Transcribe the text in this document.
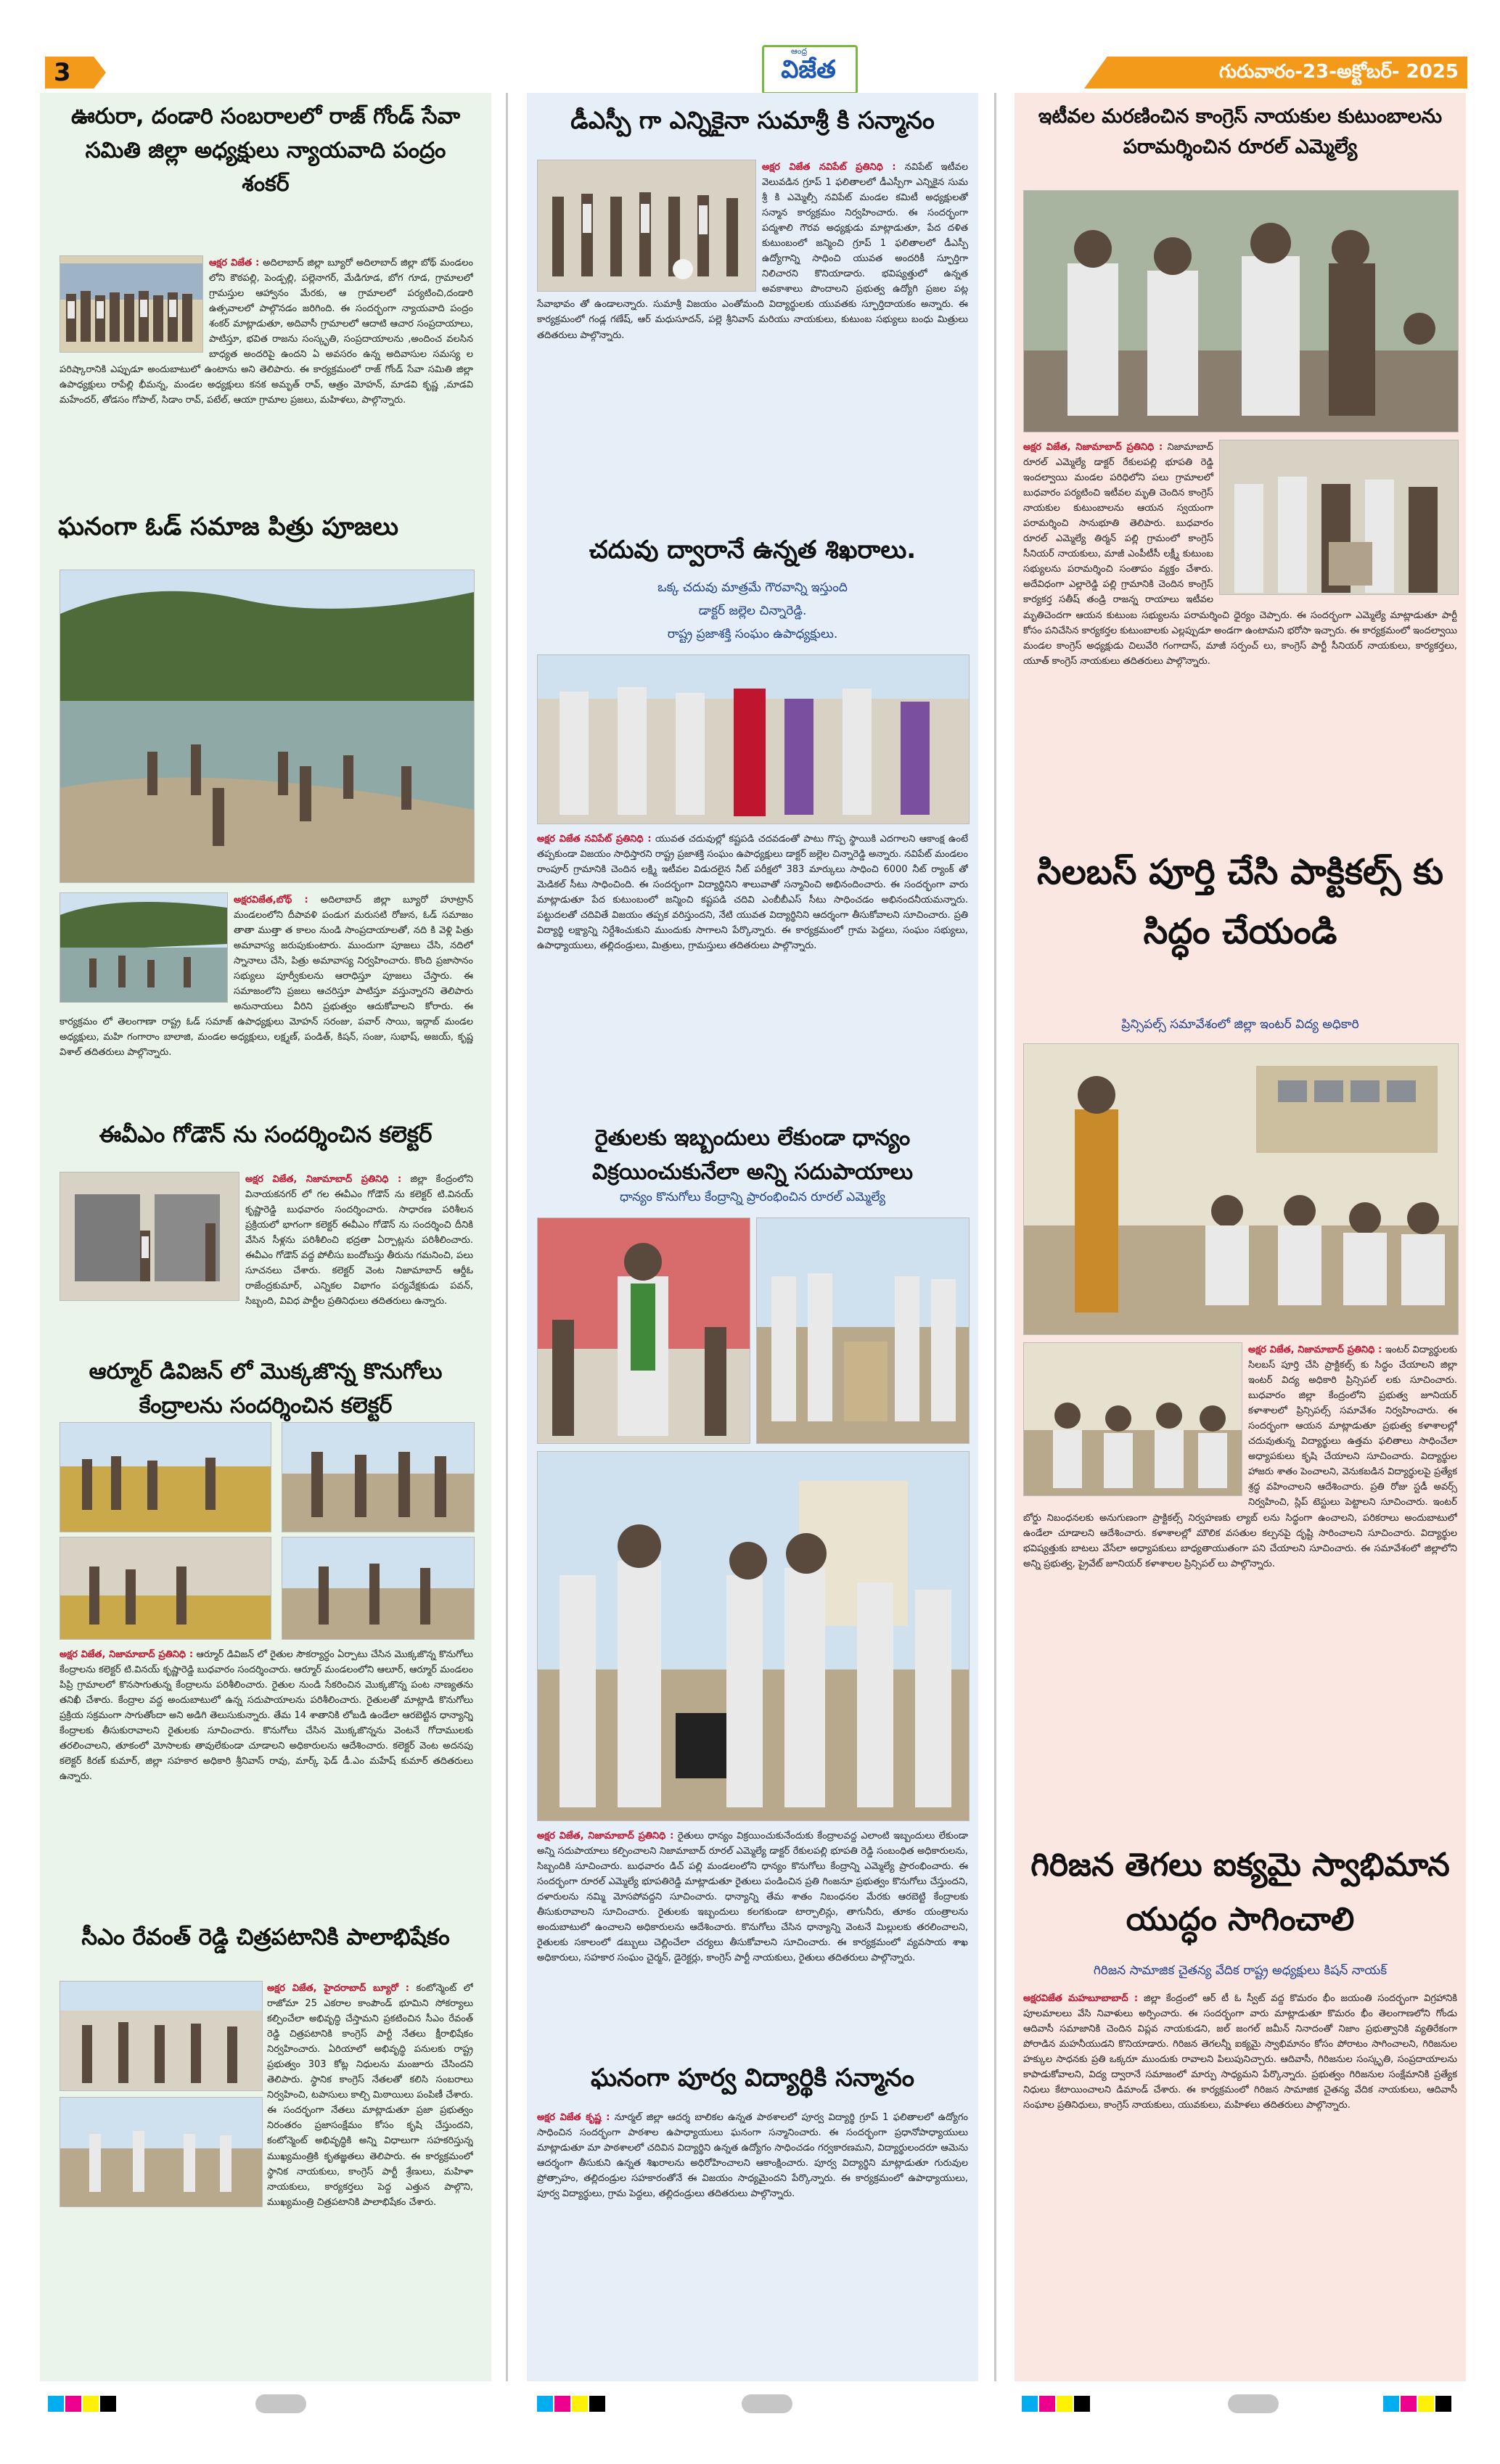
3
ఆంధ్ర
విజేత	గురువారం-23-అక్టోబర్- 2025
ఊరురా, దండారి సంబరాలలో రాజ్ గోండ్ సేవా సమితి జిల్లా అధ్యక్షులు న్యాయవాది పంద్రం శంకర్
ఆక్షర విజేత : అదిలాబాద్ జిల్లా బ్యూరో అదిలాబాద్ జిల్లా బోథ్ మండలం లోని కౌఠపల్లి, పెండ్పల్లి, పల్లెనాగర్, మేడిగూడ, బోగ గూడ, గ్రామాలలో గ్రామస్తుల ఆహ్వానం మేరకు, ఆ గ్రామాలలో పర్యటించి,దండారి ఉత్సవాలలో పాల్గొనడం జరిగింది. ఈ సందర్భంగా న్యాయవాది పంద్రం శంకర్ మాట్లాడుతూ, అదివాసీ గ్రామాలలో ఆదాటి ఆచార సంప్రదాయాలు, పాటిస్తూ, భవిత రాజను సంస్కృతి, సంప్రదాయాలను ,అందించ వలసిన బాధ్యత అందరిపై ఉందని ఏ అవసరం ఉన్న అదివాసుల సమస్య ల పరిష్కారానికి ఎప్పుడూ అందుబాటులో ఉంటాను అని తెలిపారు. ఈ కార్యక్రమంలో రాజ్ గోండ్ సేవా సమితి జిల్లా ఉపాధ్యక్షులు రాపేల్లి భీమన్న, మండల అధ్యక్షులు కనక అమృత్ రావ్, ఆత్రం మోహన్, మాడవి కృష్ణ ,మాడవి మహేందర్, తోడసం గోపాల్, సిడాం రావ్, పటేల్, ఆయా గ్రామాల ప్రజలు, మహిళలు, పాల్గొన్నారు.
ఘనంగా ఓడ్ సమాజ పిత్రు పూజలు
అక్షరవిజేత,బోథ్ : అదిలాబాద్ జిల్లా బ్యూరో హూట్రాన్ మండలంలోని దీపావళి పండుగ మరుసటి రోజున, ఓడ్ సమాజం తాతా ముత్తా త కాలం నుండి సాంప్రదాయాలతో, నది కి వెళ్లి పిత్రు అమావాస్య జరుపుకుంటారు. ముందుగా పూజలు చేసి, నదిలో స్నానాలు చేసి, పిత్రు అమావాస్య నిర్వహించారు. కొంది ప్రజాసానం సభ్యులు పూర్వీకులను ఆరాధిస్తూ పూజలు చేస్తారు. ఈ సమాజంలోని ప్రజలు ఆచరిస్తూ పాటిస్తూ వస్తున్నారని తెలిపారు అనునాయలు వీరిని ప్రభుత్వం ఆదుకోవాలని కోరారు. ఈ కార్యక్రమం లో తెలంగాణా రాష్ట్ర ఓడ్ సమాజ్ ఉపాధ్యక్షులు మోహన్ సరంజు, పవార్ సాయి, ఇద్గాబ్ మండల అధ్యక్షులు, మహి గంగారాం బాలాజి, మండల అధ్యక్షులు, లక్ష్మణ్, పండిత్, కిషన్, సంజు, సుభాష్, అజయ్, కృష్ణ విశాల్ తదితరులు పాల్గొన్నారు.
ఈవీఎం గోడౌన్ ను సందర్శించిన కలెక్టర్
అక్షర విజేత, నిజామాబాద్ ప్రతినిధి : జిల్లా కేంద్రంలోని వినాయకనగర్ లో గల ఈవీఎం గోడౌన్ ను కలెక్టర్ టి.వినయ్ కృష్ణారెడ్డి బుధవారం సందర్శించారు. సాధారణ పరిశీలన ప్రక్రియలో భాగంగా కలెక్టర్ ఈవీఎం గోడౌన్ ను సందర్శించి దీనికి వేసిన సీళ్లను పరిశీలించి భద్రతా ఏర్పాట్లను పరిశీలించారు. ఈవీఎం గోడౌన్ వద్ద పోలీసు బందోబస్తు తీరును గమనించి, పలు సూచనలు చేశారు. కలెక్టర్ వెంట నిజామాబాద్ ఆర్డీఓ రాజేంద్రకుమార్, ఎన్నికల విభాగం పర్యవేక్షకుడు పవన్, సిబ్బంది, వివిధ పార్టీల ప్రతినిధులు తదితరులు ఉన్నారు.
ఆర్మూర్ డివిజన్ లో మొక్కజొన్న కొనుగోలు కేంద్రాలను సందర్శించిన కలెక్టర్
అక్షర విజేత, నిజామాబాద్ ప్రతినిధి : ఆర్మూర్ డివిజన్ లో రైతుల సౌకర్యార్ధం ఏర్పాటు చేసిన మొక్కజొన్న కొనుగోలు కేంద్రాలను కలెక్టర్ టి.వినయ్ కృష్ణారెడ్డి బుధవారం సందర్శించారు. ఆర్మూర్ మండలంలోని ఆలూర్, ఆర్మూర్ మండలం పిప్రి గ్రామాలలో కొనసాగుతున్న కేంద్రాలను పరిశీలించారు. రైతుల నుండి సేకరించిన మొక్కజొన్న పంట నాణ్యతను తనిఖీ చేశారు. కేంద్రాల వద్ద అందుబాటులో ఉన్న సదుపాయాలను పరిశీలించారు. రైతులతో మాట్లాడి కొనుగోలు ప్రక్రియ సక్రమంగా సాగుతోందా అని అడిగి తెలుసుకున్నారు. తేమ 14 శాతానికి లోబడి ఉండేలా ఆరబెట్టిన ధాన్యాన్ని కేంద్రాలకు తీసుకురావాలని రైతులకు సూచించారు. కొనుగోలు చేసిన మొక్కజొన్నను వెంటనే గోదాములకు తరలించాలని, తూకంలో మోసాలకు తావులేకుండా చూడాలని అధికారులను ఆదేశించారు. కలెక్టర్ వెంట అదనపు కలెక్టర్ కిరణ్ కుమార్, జిల్లా సహకార అధికారి శ్రీనివాస్ రావు, మార్క్ ఫెడ్ డీ.ఎం మహేష్ కుమార్ తదితరులు ఉన్నారు.
సీఎం రేవంత్ రెడ్డి చిత్రపటానికి పాలాభిషేకం
అక్షర విజేత, హైదరాబాద్ బ్యూరో : కంటోన్మెంట్ లో రాజోమా 25 ఎకరాల కాంపౌండ్ భూమిని సోకర్యాలు కల్పించేలా అభివృద్ధి చేస్తామని ప్రకటించిన సీఎం రేవంత్ రెడ్డి చిత్రపటానికి కాంగ్రెస్ పార్టీ నేతలు క్షీరాభిషేకం నిర్వహించారు. ఏరియాలో అభివృద్ధి పనులకు రాష్ట్ర ప్రభుత్వం 303 కోట్ల నిధులను మంజూరు చేసిందని తెలిపారు. స్థానిక కాంగ్రెస్ నేతలతో కలిసి సంబరాలు నిర్వహించి, టపాసులు కాల్చి మిఠాయిలు పంపిణీ చేశారు. ఈ సందర్భంగా నేతలు మాట్లాడుతూ ప్రజా ప్రభుత్వం నిరంతరం ప్రజాసంక్షేమం కోసం కృషి చేస్తుందని, కంటోన్మెంట్ అభివృద్ధికి అన్ని విధాలుగా సహకరిస్తున్న ముఖ్యమంత్రికి కృతజ్ఞతలు తెలిపారు. ఈ కార్యక్రమంలో స్థానిక నాయకులు, కాంగ్రెస్ పార్టీ శ్రేణులు, మహిళా నాయకులు, కార్యకర్తలు పెద్ద ఎత్తున పాల్గొని, ముఖ్యమంత్రి చిత్రపటానికి పాలాభిషేకం చేశారు.
డీఎస్పీ గా ఎన్నికైనా సుమాశ్రీ కి సన్మానం
అక్షర విజేత నవిపేట్ ప్రతినిధి : నవిపేట్ ఇటీవల వెలువడిన గ్రూప్ 1 ఫలితాలలో డీఎస్పీగా ఎన్నికైన సుమ శ్రీ కి ఎమ్మెల్సీ నవిపేట్ మండల కమిటీ అధ్యక్షులతో సన్మాన కార్యక్రమం నిర్వహించారు. ఈ సందర్భంగా పద్మశాలి గౌరవ అధ్యక్షుడు మాట్లాడుతూ, పేద దళిత కుటుంబంలో జన్మించి గ్రూప్ 1 ఫలితాలలో డీఎస్పీ ఉద్యోగాన్ని సాధించి యువత అందరికీ స్ఫూర్తిగా నిలిచారని కొనియాడారు. భవిష్యత్తులో ఉన్నత అవకాశాలు పొందాలని ప్రభుత్వ ఉద్యోగి ప్రజల పట్ల సేవాభావం తో ఉండాలన్నారు. సుమాశ్రీ విజయం ఎంతోమంది విద్యార్థులకు యువతకు స్ఫూర్తిదాయకం అన్నారు. ఈ కార్యక్రమంలో గండ్ల గణేష్, ఆర్ మధుసూదన్, పల్లె శ్రీనివాస్ మరియు నాయకులు, కుటుంబ సభ్యులు బంధు మిత్రులు తదితరులు పాల్గొన్నారు.
చదువు ద్వారానే ఉన్నత శిఖరాలు.
ఒక్క చదువు మాత్రమే గౌరవాన్ని ఇస్తుంది
డాక్టర్ జల్లెల చిన్నారెడ్డి.
రాష్ట్ర ప్రజాశక్తి సంఘం ఉపాధ్యక్షులు.
అక్షర విజేత నవిపేట్ ప్రతినిధి : యువత చదువుల్లో కష్టపడి చదవడంతో పాటు గొప్ప స్థాయికి ఎదగాలని ఆకాంక్ష ఉంటే తప్పకుండా విజయం సాధిస్తారని రాష్ట్ర ప్రజాశక్తి సంఘం ఉపాధ్యక్షులు డాక్టర్ జల్లెల చిన్నారెడ్డి అన్నారు. నవిపేట్ మండలం రాంపూర్ గ్రామానికి చెందిన లక్ష్మి ఇటీవల విడుదలైన నీట్ పరీక్షలో 383 మార్కులు సాధించి 6000 నీట్ ర్యాంక్ తో మెడికల్ సీటు సాధించింది. ఈ సందర్భంగా విద్యార్థినిని శాలువాతో సన్మానించి అభినందించారు. ఈ సందర్భంగా వారు మాట్లాడుతూ పేద కుటుంబంలో జన్మించి కష్టపడి చదివి ఎంబీబీఎస్ సీటు సాధించడం అభినందనీయమన్నారు. పట్టుదలతో చదివితే విజయం తప్పక వరిస్తుందని, నేటి యువత విద్యార్థినిని ఆదర్శంగా తీసుకోవాలని సూచించారు. ప్రతి విద్యార్థి లక్ష్యాన్ని నిర్దేశించుకుని ముందుకు సాగాలని పేర్కొన్నారు. ఈ కార్యక్రమంలో గ్రామ పెద్దలు, సంఘం సభ్యులు, ఉపాధ్యాయులు, తల్లిదండ్రులు, మిత్రులు, గ్రామస్తులు తదితరులు పాల్గొన్నారు.
రైతులకు ఇబ్బందులు లేకుండా ధాన్యం విక్రయించుకునేలా అన్ని సదుపాయాలు
ధాన్యం కొనుగోలు కేంద్రాన్ని ప్రారంభించిన రూరల్ ఎమ్మెల్యే
అక్షర విజేత, నిజామాబాద్ ప్రతినిధి : రైతులు ధాన్యం విక్రయించుకునేందుకు కేంద్రాలవద్ద ఎలాంటి ఇబ్బందులు లేకుండా అన్ని సదుపాయాలు కల్పించాలని నిజామాబాద్ రూరల్ ఎమ్మెల్యే డాక్టర్ రేకులపల్లి భూపతి రెడ్డి సంబంధిత అధికారులను, సిబ్బందికి సూచించారు. బుధవారం డిచ్ పల్లి మండలంలోని ధాన్యం కొనుగోలు కేంద్రాన్ని ఎమ్మెల్యే ప్రారంభించారు. ఈ సందర్భంగా రూరల్ ఎమ్మెల్యే భూపతిరెడ్డి మాట్లాడుతూ రైతులు పండించిన ప్రతి గింజనూ ప్రభుత్వం కొనుగోలు చేస్తుందని, దళారులను నమ్మి మోసపోవద్దని సూచించారు. ధాన్యాన్ని తేమ శాతం నిబంధనల మేరకు ఆరబెట్టి కేంద్రాలకు తీసుకురావాలని సూచించారు. రైతులకు ఇబ్బందులు కలగకుండా టార్పాలిన్లు, తాగునీరు, తూకం యంత్రాలను అందుబాటులో ఉంచాలని అధికారులను ఆదేశించారు. కొనుగోలు చేసిన ధాన్యాన్ని వెంటనే మిల్లులకు తరలించాలని, రైతులకు సకాలంలో డబ్బులు చెల్లించేలా చర్యలు తీసుకోవాలని సూచించారు. ఈ కార్యక్రమంలో వ్యవసాయ శాఖ అధికారులు, సహకార సంఘం చైర్మన్, డైరెక్టర్లు, కాంగ్రెస్ పార్టీ నాయకులు, రైతులు తదితరులు పాల్గొన్నారు.
ఘనంగా పూర్వ విద్యార్థికి సన్మానం
అక్షర విజేత కృష్ణ : నూర్మల్ జిల్లా ఆదర్శ బాలికల ఉన్నత పాఠశాలలో పూర్వ విద్యార్థి గ్రూప్ 1 ఫలితాలలో ఉద్యోగం సాధించిన సందర్భంగా పాఠశాల ఉపాధ్యాయులు ఘనంగా సన్మానించారు. ఈ సందర్భంగా ప్రధానోపాధ్యాయులు మాట్లాడుతూ మా పాఠశాలలో చదివిన విద్యార్థిని ఉన్నత ఉద్యోగం సాధించడం గర్వకారణమని, విద్యార్థులందరూ ఆమెను ఆదర్శంగా తీసుకుని ఉన్నత శిఖరాలను అధిరోహించాలని ఆకాంక్షించారు. పూర్వ విద్యార్థిని మాట్లాడుతూ గురువుల ప్రోత్సాహం, తల్లిదండ్రుల సహకారంతోనే ఈ విజయం సాధ్యమైందని పేర్కొన్నారు. ఈ కార్యక్రమంలో ఉపాధ్యాయులు, పూర్వ విద్యార్థులు, గ్రామ పెద్దలు, తల్లిదండ్రులు తదితరులు పాల్గొన్నారు.
ఇటీవల మరణించిన కాంగ్రెస్ నాయకుల కుటుంబాలను పరామర్శించిన రూరల్ ఎమ్మెల్యే
అక్షర విజేత, నిజామాబాద్ ప్రతినిధి : నిజామాబాద్ రూరల్ ఎమ్మెల్యే డాక్టర్ రేకులపల్లి భూపతి రెడ్డి ఇందల్వాయి మండల పరిధిలోని పలు గ్రామాలలో బుధవారం పర్యటించి ఇటీవల మృతి చెందిన కాంగ్రెస్ నాయకుల కుటుంబాలను ఆయన స్వయంగా పరామర్శించి సానుభూతి తెలిపారు. బుధవారం రూరల్ ఎమ్మెల్యే తిర్మన్ పల్లి గ్రామంలో కాంగ్రెస్ సీనియర్ నాయకులు, మాజీ ఎంపీటీసీ లక్ష్మీ కుటుంబ సభ్యులను పరామర్శించి సంతాపం వ్యక్తం చేశారు. అదేవిధంగా ఎల్లారెడ్డి పల్లి గ్రామానికి చెందిన కాంగ్రెస్ కార్యకర్త సతీష్ తండ్రి రాజన్న రాయాలు ఇటీవల మృతిచెందగా ఆయన కుటుంబ సభ్యులను పరామర్శించి ధైర్యం చెప్పారు. ఈ సందర్భంగా ఎమ్మెల్యే మాట్లాడుతూ పార్టీ కోసం పనిచేసిన కార్యకర్తల కుటుంబాలకు ఎల్లప్పుడూ అండగా ఉంటామని భరోసా ఇచ్చారు. ఈ కార్యక్రమంలో ఇందల్వాయి మండల కాంగ్రెస్ అధ్యక్షుడు చిలువేరి గంగాదాస్, మాజీ సర్పంచ్ లు, కాంగ్రెస్ పార్టీ సీనియర్ నాయకులు, కార్యకర్తలు, యూత్ కాంగ్రెస్ నాయకులు తదితరులు పాల్గొన్నారు.
సిలబస్ పూర్తి చేసి పాక్టికల్స్ కు సిద్ధం చేయండి
ప్రిన్సిపల్స్ సమావేశంలో జిల్లా ఇంటర్ విద్య అధికారి
అక్షర విజేత, నిజామాబాద్ ప్రతినిధి : ఇంటర్ విద్యార్థులకు సిలబస్ పూర్తి చేసి ప్రాక్టికల్స్ కు సిద్ధం చేయాలని జిల్లా ఇంటర్ విద్య అధికారి ప్రిన్సిపల్ లకు సూచించారు. బుధవారం జిల్లా కేంద్రంలోని ప్రభుత్వ జూనియర్ కళాశాలలో ప్రిన్సిపల్స్ సమావేశం నిర్వహించారు. ఈ సందర్భంగా ఆయన మాట్లాడుతూ ప్రభుత్వ కళాశాలల్లో చదువుతున్న విద్యార్థులు ఉత్తమ ఫలితాలు సాధించేలా అధ్యాపకులు కృషి చేయాలని సూచించారు. విద్యార్థుల హాజరు శాతం పెంచాలని, వెనుకబడిన విద్యార్థులపై ప్రత్యేక శ్రద్ధ వహించాలని ఆదేశించారు. ప్రతి రోజు స్టడీ అవర్స్ నిర్వహించి, స్లిప్ టెస్టులు పెట్టాలని సూచించారు. ఇంటర్ బోర్డు నిబంధనలకు అనుగుణంగా ప్రాక్టికల్స్ నిర్వహణకు ల్యాబ్ లను సిద్ధంగా ఉంచాలని, పరికరాలు అందుబాటులో ఉండేలా చూడాలని ఆదేశించారు. కళాశాలల్లో మౌలిక వసతుల కల్పనపై దృష్టి సారించాలని సూచించారు. విద్యార్థుల భవిష్యత్తుకు బాటలు వేసేలా అధ్యాపకులు బాధ్యతాయుతంగా పని చేయాలని సూచించారు. ఈ సమావేశంలో జిల్లాలోని అన్ని ప్రభుత్వ, ప్రైవేట్ జూనియర్ కళాశాలల ప్రిన్సిపల్ లు పాల్గొన్నారు.
గిరిజన తెగలు ఐక్యమై స్వాభిమాన యుద్ధం సాగించాలి
గిరిజన సామాజిక చైతన్య వేదిక రాష్ట్ర అధ్యక్షులు కిషన్ నాయక్
అక్షరవిజేత మహబూబాబాద్ : జిల్లా కేంద్రంలో ఆర్ టీ ఓ స్వీట్ వద్ద కొమరం భీం జయంతి సందర్భంగా విగ్రహానికి పూలమాలలు వేసి నివాళులు అర్పించారు. ఈ సందర్భంగా వారు మాట్లాడుతూ కొమరం భీం తెలంగాణలోని గోండు ఆదివాసీ సమాజానికి చెందిన విప్లవ నాయకుడని, జల్ జంగల్ జమీన్ నినాదంతో నిజాం ప్రభుత్వానికి వ్యతిరేకంగా పోరాడిన మహనీయుడని కొనియాడారు. గిరిజన తెగలన్నీ ఐక్యమై స్వాభిమానం కోసం పోరాటం సాగించాలని, గిరిజనుల హక్కుల సాధనకు ప్రతి ఒక్కరూ ముందుకు రావాలని పిలుపునిచ్చారు. ఆదివాసీ, గిరిజనుల సంస్కృతి, సంప్రదాయాలను కాపాడుకోవాలని, విద్య ద్వారానే సమాజంలో మార్పు సాధ్యమని పేర్కొన్నారు. ప్రభుత్వం గిరిజనుల సంక్షేమానికి ప్రత్యేక నిధులు కేటాయించాలని డిమాండ్ చేశారు. ఈ కార్యక్రమంలో గిరిజన సామాజిక చైతన్య వేదిక నాయకులు, ఆదివాసీ సంఘాల ప్రతినిధులు, కాంగ్రెస్ నాయకులు, యువకులు, మహిళలు తదితరులు పాల్గొన్నారు.
